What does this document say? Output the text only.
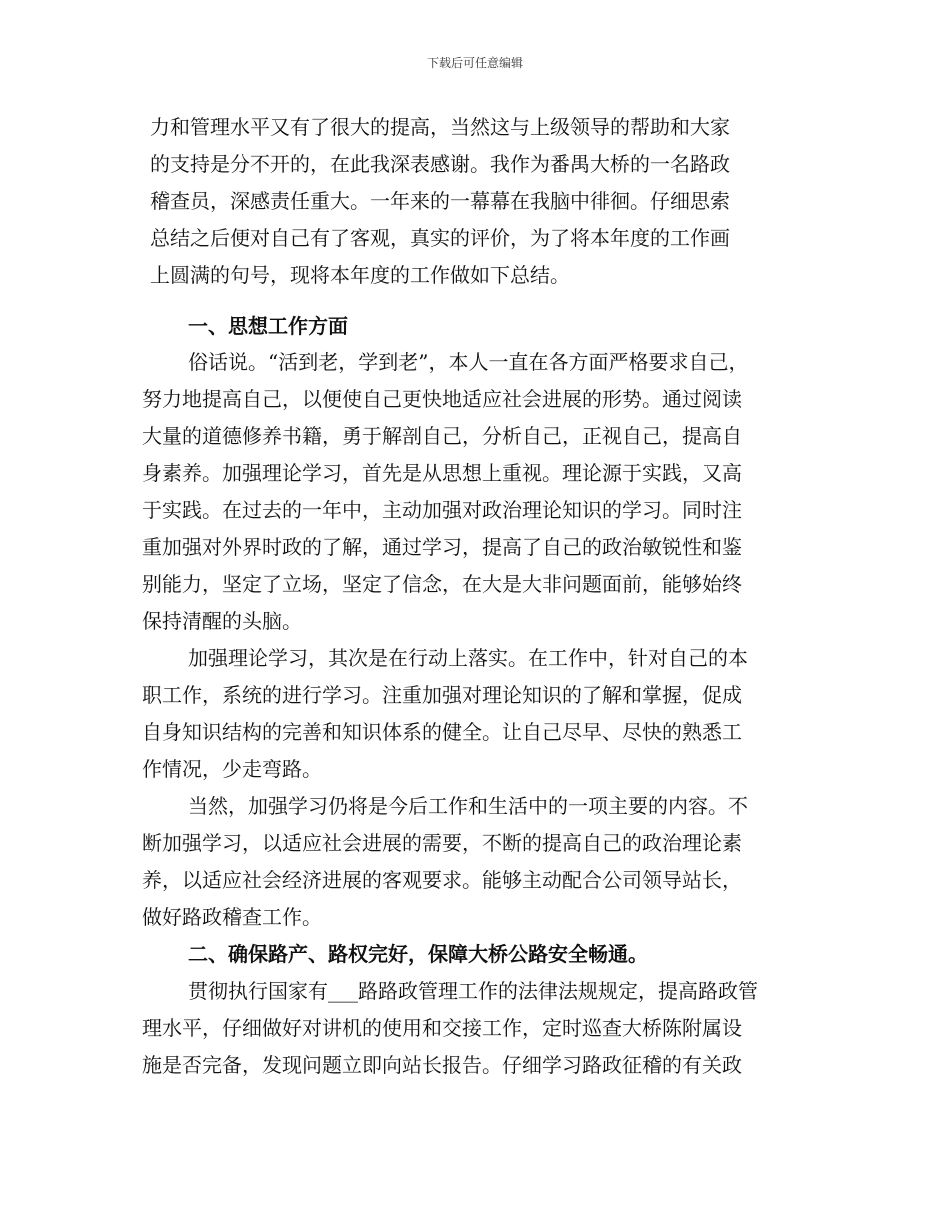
下载后可任意编辑
力和管理水平又有了很大的提高，当然这与上级领导的帮助和大家
的支持是分不开的，在此我深表感谢。我作为番禺大桥的一名路政
稽查员，深感责任重大。一年来的一幕幕在我脑中徘徊。仔细思索
总结之后便对自己有了客观，真实的评价，为了将本年度的工作画
上圆满的句号，现将本年度的工作做如下总结。
一、思想工作方面
俗话说。“活到老，学到老”，本人一直在各方面严格要求自己，
努力地提高自己，以便使自己更快地适应社会进展的形势。通过阅读
大量的道德修养书籍，勇于解剖自己，分析自己，正视自己，提高自
身素养。加强理论学习，首先是从思想上重视。理论源于实践，又高
于实践。在过去的一年中，主动加强对政治理论知识的学习。同时注
重加强对外界时政的了解，通过学习，提高了自己的政治敏锐性和鉴
别能力，坚定了立场，坚定了信念，在大是大非问题面前，能够始终
保持清醒的头脑。
加强理论学习，其次是在行动上落实。在工作中，针对自己的本
职工作，系统的进行学习。注重加强对理论知识的了解和掌握，促成
自身知识结构的完善和知识体系的健全。让自己尽早、尽快的熟悉工
作情况，少走弯路。
当然，加强学习仍将是今后工作和生活中的一项主要的内容。不
断加强学习，以适应社会进展的需要，不断的提高自己的政治理论素
养，以适应社会经济进展的客观要求。能够主动配合公司领导站长，
做好路政稽查工作。
二、确保路产、路权完好，保障大桥公路安全畅通。
贯彻执行国家有___路路政管理工作的法律法规规定，提高路政管
理水平，仔细做好对讲机的使用和交接工作，定时巡查大桥陈附属设
施是否完备，发现问题立即向站长报告。仔细学习路政征稽的有关政
